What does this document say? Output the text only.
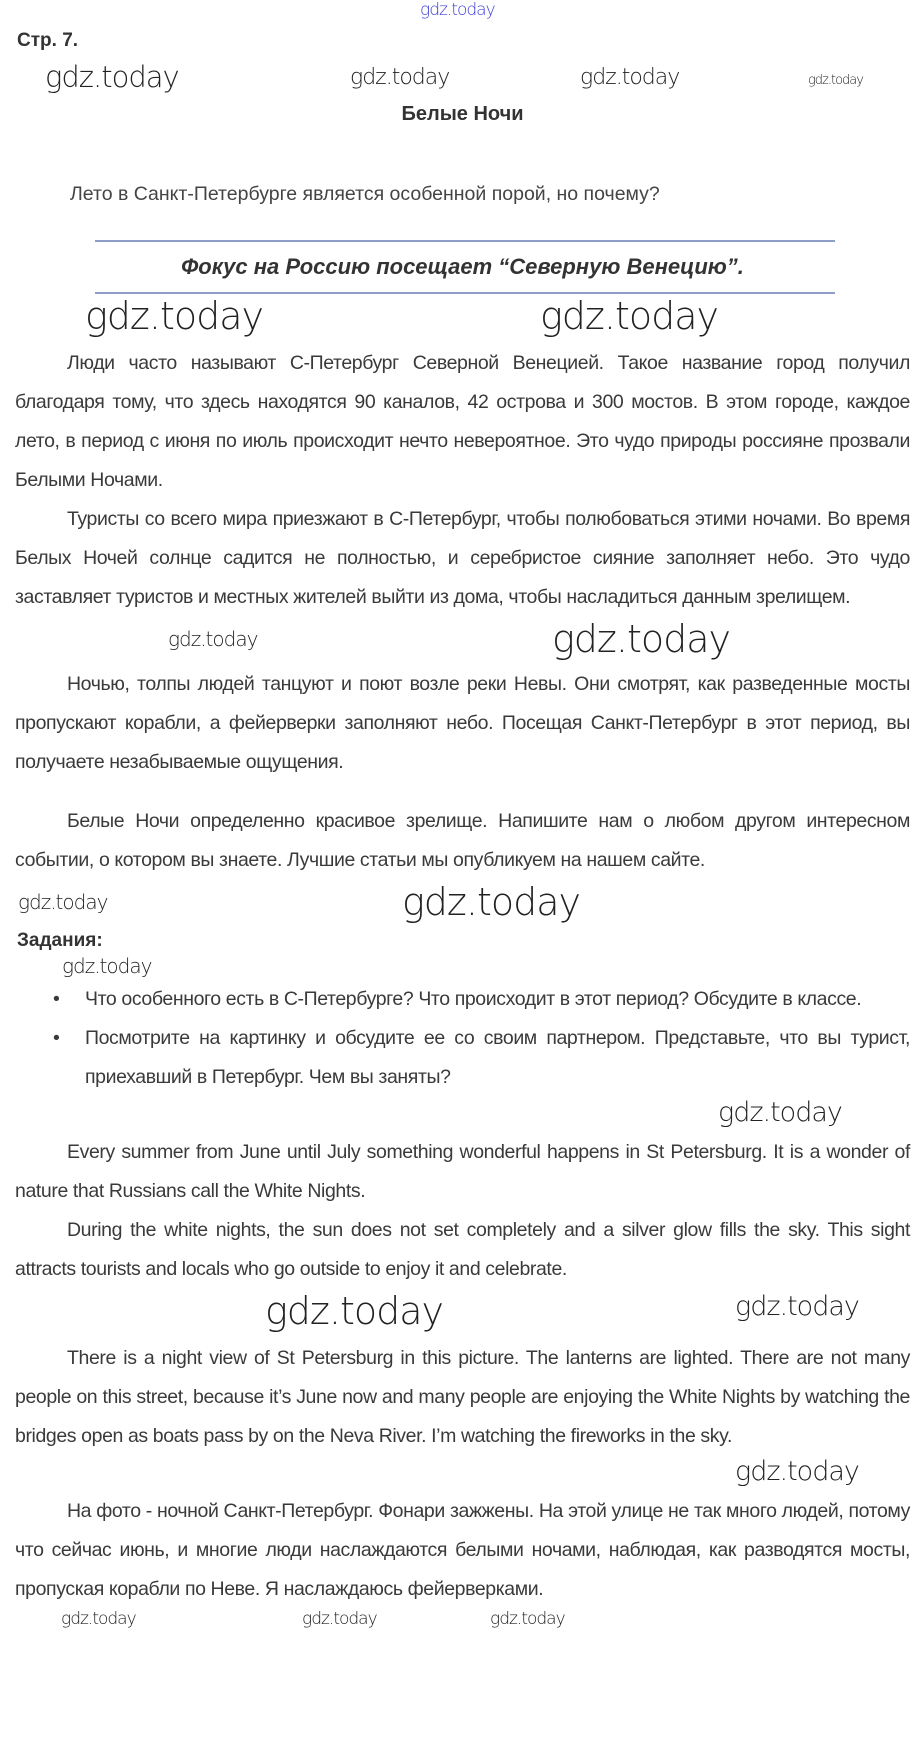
gdz.today
Стр. 7.
gdz.today	gdz.today	gdz.today	gdz.today
Белые Ночи
Лето в Санкт-Петербурге является особенной порой, но почему?
Фокус на Россию посещает “Северную Венецию”.
gdz.today	gdz.today

Люди часто называют С-Петербург Северной Венецией. Такое название город получил благодаря тому, что здесь находятся 90 каналов, 42 острова и 300 мостов. В этом городе, каждое лето, в период с июня по июль происходит нечто невероятное. Это чудо природы россияне прозвали Белыми Ночами.

Туристы со всего мира приезжают в С-Петербург, чтобы полюбоваться этими ночами. Во время Белых Ночей солнце садится не полностью, и серебристое сияние заполняет небо. Это чудо заставляет туристов и местных жителей выйти из дома, чтобы насладиться данным зрелищем.

gdz.today	gdz.today

Ночью, толпы людей танцуют и поют возле реки Невы. Они смотрят, как разведенные мосты пропускают корабли, а фейерверки заполняют небо. Посещая Санкт-Петербург в этот период, вы получаете незабываемые ощущения.

Белые Ночи определенно красивое зрелище. Напишите нам о любом другом интересном событии, о котором вы знаете. Лучшие статьи мы опубликуем на нашем сайте.

gdz.today	gdz.today
Задания:
gdz.today
• Что особенного есть в С-Петербурге? Что происходит в этот период? Обсудите в классе.
• Посмотрите на картинку и обсудите ее со своим партнером. Представьте, что вы турист, приехавший в Петербург. Чем вы заняты?
gdz.today

Every summer from June until July something wonderful happens in St Petersburg. It is a wonder of nature that Russians call the White Nights.

During the white nights, the sun does not set completely and a silver glow fills the sky. This sight attracts tourists and locals who go outside to enjoy it and celebrate.

gdz.today	gdz.today

There is a night view of St Petersburg in this picture. The lanterns are lighted. There are not many people on this street, because it’s June now and many people are enjoying the White Nights by watching the bridges open as boats pass by on the Neva River. I’m watching the fireworks in the sky.

gdz.today

На фото - ночной Санкт-Петербург. Фонари зажжены. На этой улице не так много людей, потому что сейчас июнь, и многие люди наслаждаются белыми ночами, наблюдая, как разводятся мосты, пропуская корабли по Неве. Я наслаждаюсь фейерверками.

gdz.today	gdz.today	gdz.today
